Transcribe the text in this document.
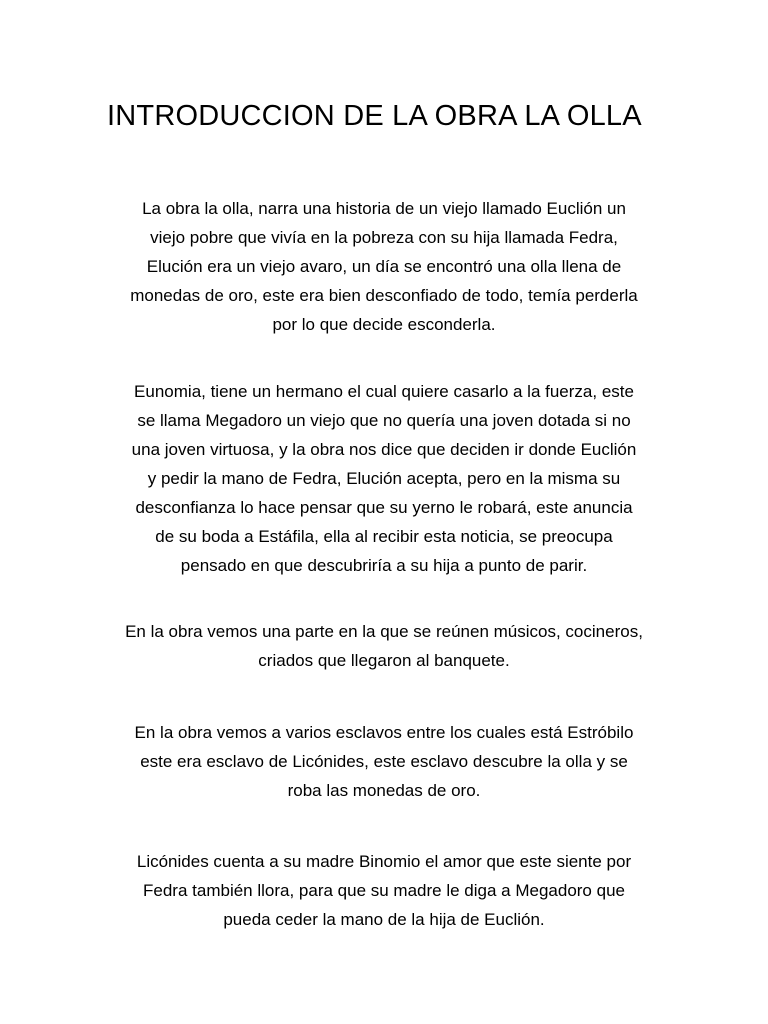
INTRODUCCION DE LA OBRA LA OLLA

La obra la olla, narra una historia de un viejo llamado Euclión un
viejo pobre que vivía en la pobreza con su hija llamada Fedra,
Elución era un viejo avaro, un día se encontró una olla llena de
monedas de oro, este era bien desconfiado de todo, temía perderla
por lo que decide esconderla.

Eunomia, tiene un hermano el cual quiere casarlo a la fuerza, este
se llama Megadoro un viejo que no quería una joven dotada si no
una joven virtuosa, y la obra nos dice que deciden ir donde Euclión
y pedir la mano de Fedra, Elución acepta, pero en la misma su
desconfianza lo hace pensar que su yerno le robará, este anuncia
de su boda a Estáfila, ella al recibir esta noticia, se preocupa
pensado en que descubriría a su hija a punto de parir.

En la obra vemos una parte en la que se reúnen músicos, cocineros,
criados que llegaron al banquete.

En la obra vemos a varios esclavos entre los cuales está Estróbilo
este era esclavo de Licónides, este esclavo descubre la olla y se
roba las monedas de oro.

Licónides cuenta a su madre Binomio el amor que este siente por
Fedra también llora, para que su madre le diga a Megadoro que
pueda ceder la mano de la hija de Euclión.
